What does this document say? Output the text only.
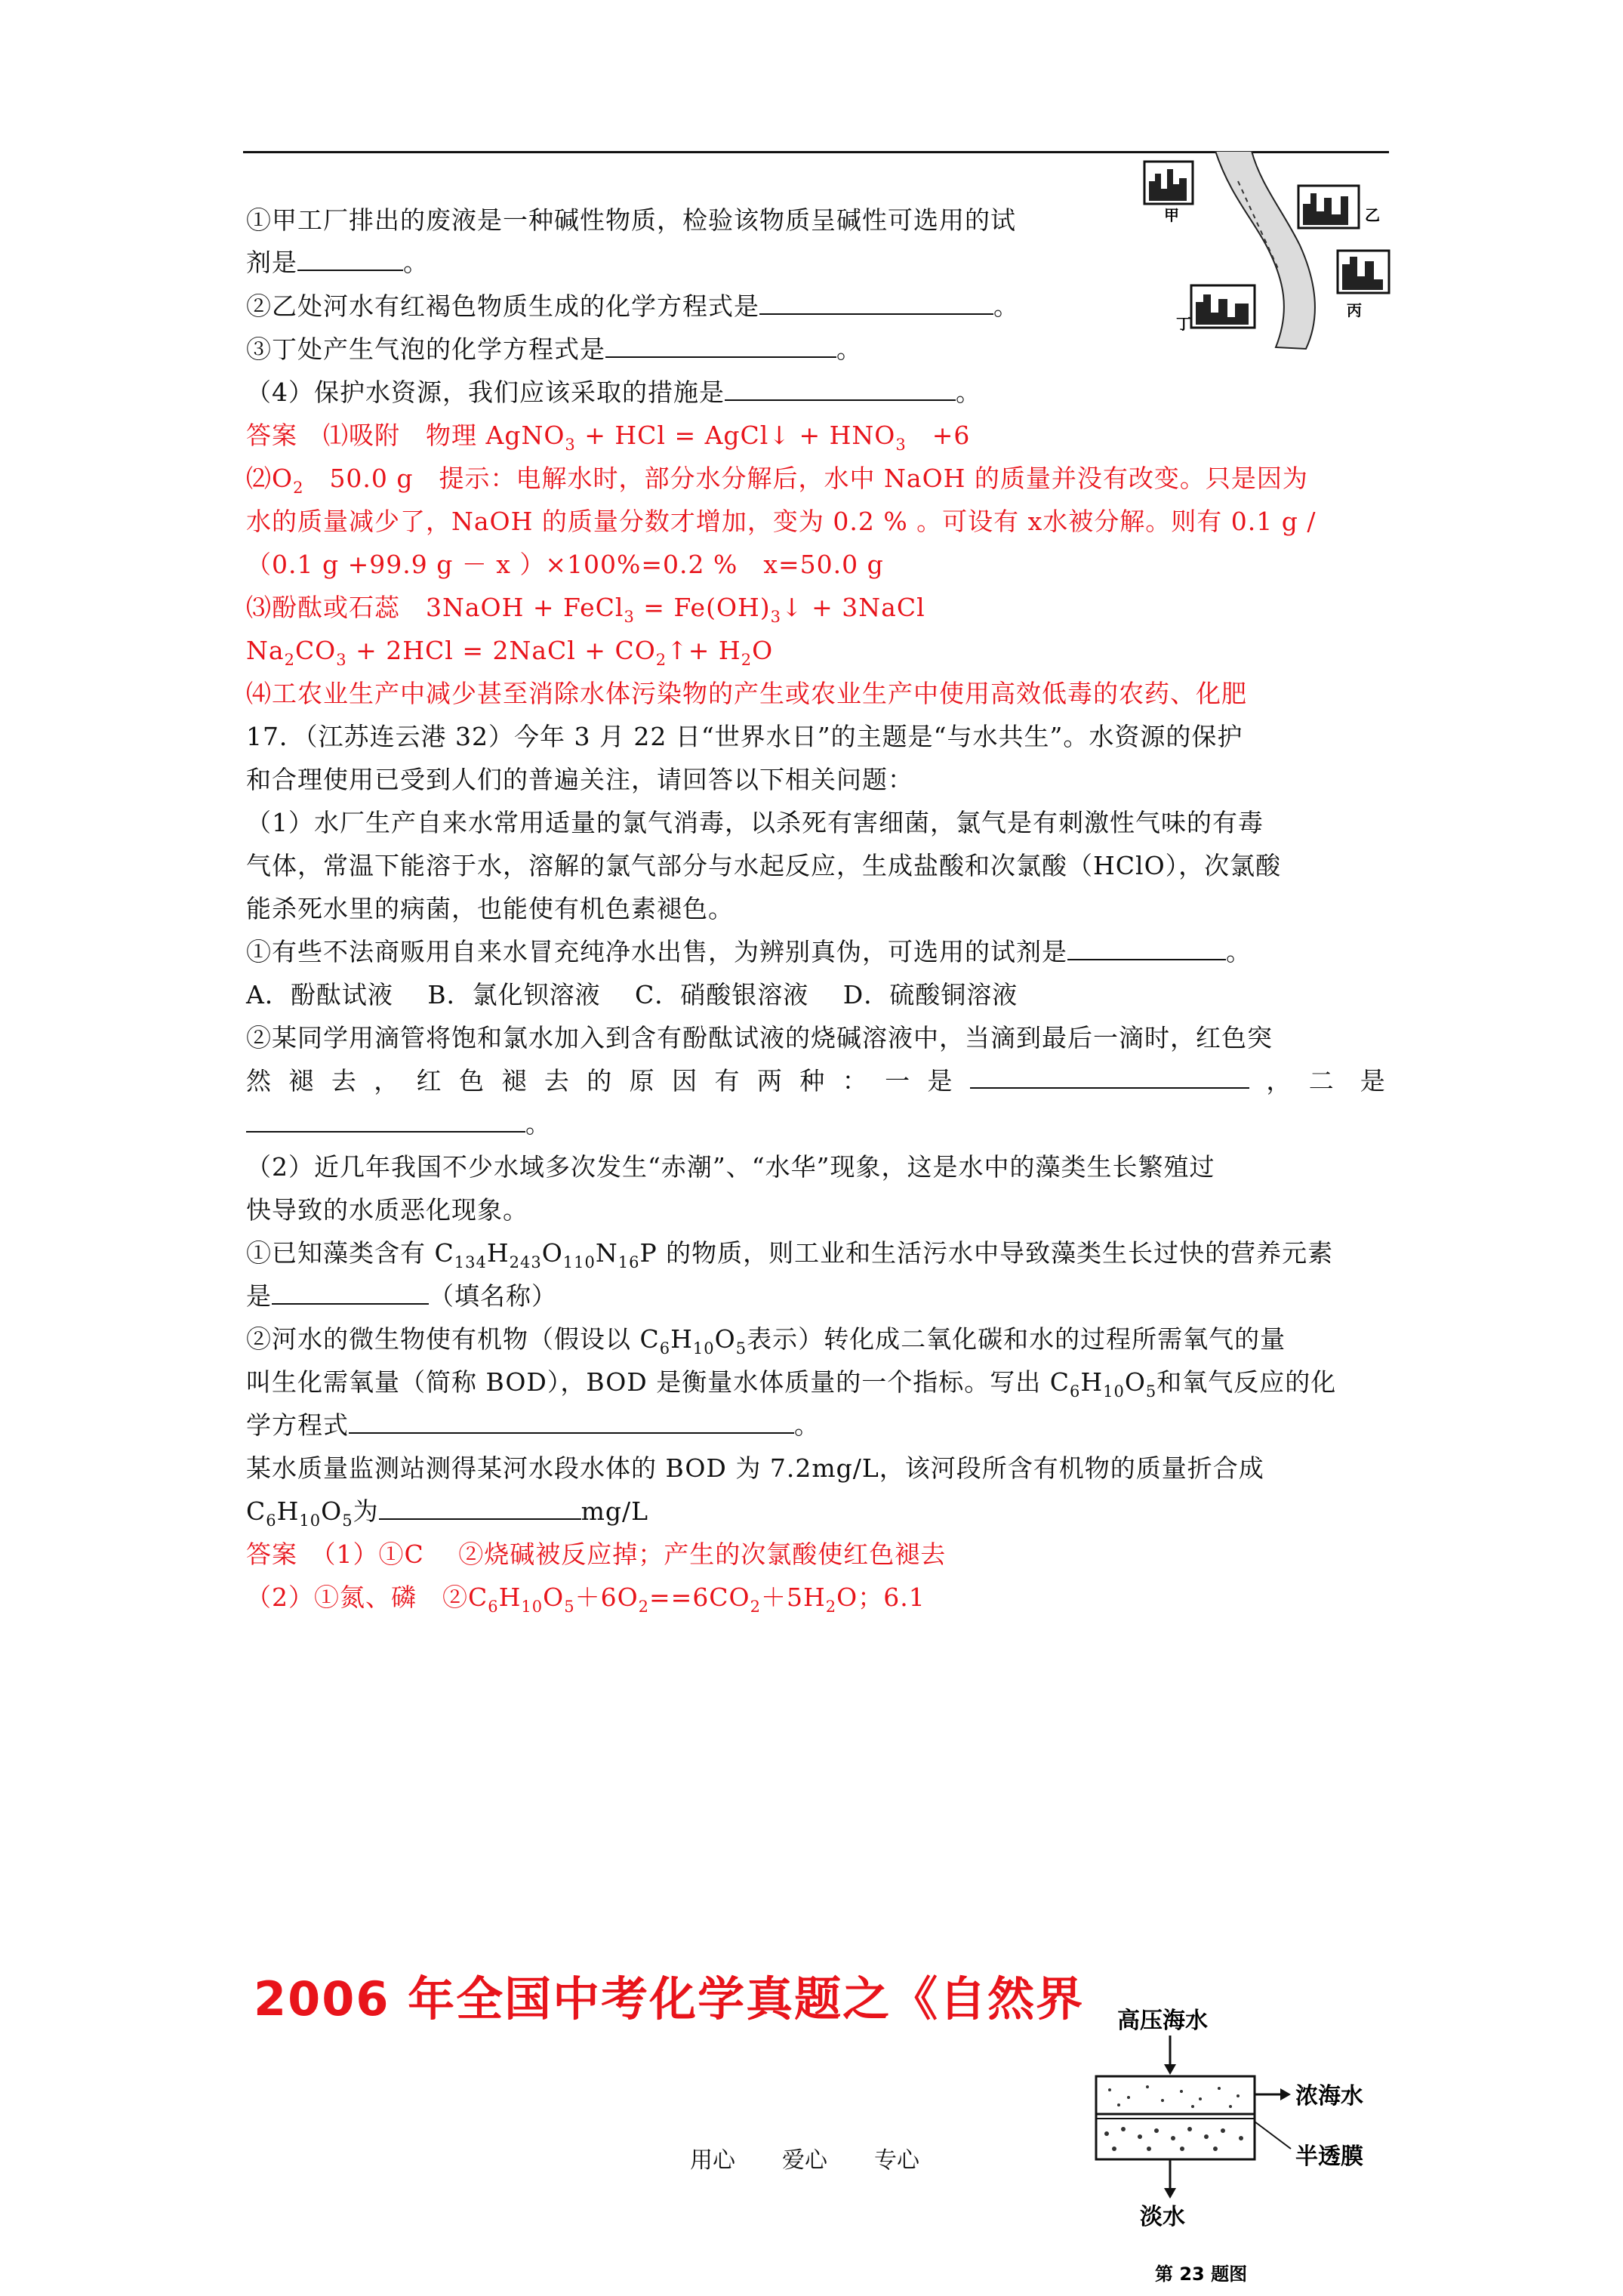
甲	乙
丙
丁
①甲工厂排出的废液是一种碱性物质，检验该物质呈碱性可选用的试
剂是	。
②乙处河水有红褐色物质生成的化学方程式是	。
③丁处产生气泡的化学方程式是	。
（4）保护水资源，我们应该采取的措施是	。
答案　⑴吸附　物理 AgNO$_3$ + HCl = AgCl↓ + $HNO_3$　+6
$⑵O_2$　50.0 g　提示：电解水时，部分水分解后，水中 NaOH 的质量并没有改变。只是因为
水的质量减少了，NaOH 的质量分数才增加，变为 0.2 % 。可设有 x水被分解。则有 0.1 g /
（0.1 g +99.9 g － x ）×100%=0.2 %　x=50.0 g
⑶酚酞或石蕊　3NaOH + FeCl$_3$ = $Fe(OH)_3↓$ + 3NaCl
$Na_2CO_3 + 2HCl$ = 2NaCl + $CO_2↑+ H_2O$
⑷工农业生产中减少甚至消除水体污染物的产生或农业生产中使用高效低毒的农药、化肥
17．（江苏连云港 32）今年 3 月 22 日“世界水日”的主题是“与水共生”。水资源的保护
和合理使用已受到人们的普遍关注，请回答以下相关问题：
（1）水厂生产自来水常用适量的氯气消毒，以杀死有害细菌，氯气是有刺激性气味的有毒
气体，常温下能溶于水，溶解的氯气部分与水起反应，生成盐酸和次氯酸（HClO），次氯酸
能杀死水里的病菌，也能使有机色素褪色。
①有些不法商贩用自来水冒充纯净水出售，为辨别真伪，可选用的试剂是	。
A．酚酞试液　 B．氯化钡溶液　 C．硝酸银溶液　 D．硫酸铜溶液
②某同学用滴管将饱和氯水加入到含有酚酞试液的烧碱溶液中，当滴到最后一滴时，红色突
然 褪 去 ， 红 色 褪 去 的 原 因 有 两 种 ： 一 是	， 二　是
。
（2）近几年我国不少水域多次发生“赤潮”、“水华”现象，这是水中的藻类生长繁殖过
快导致的水质恶化现象。
①已知藻类含有 $C_{134}H_{243}O_{110}N_{16}P$ 的物质，则工业和生活污水中导致藻类生长过快的营养元素
是	（填名称）
②河水的微生物使有机物（假设以 $C_6H_{10}O_5$表示）转化成二氧化碳和水的过程所需氧气的量
叫生化需氧量（简称 BOD），BOD 是衡量水体质量的一个指标。写出 $C_6H_{10}O_5$和氧气反应的化
学方程式	。
某水质量监测站测得某河水段水体的 BOD 为 7.2mg/L，该河段所含有机物的质量折合成
$C_6H_{10}O_5$为	mg/L
答案　（1）①C　 ②烧碱被反应掉；产生的次氯酸使红色褪去
（2）①氮、磷　$②C_6H_{10}O_5+6O_2==6CO_2+5H_2O$；6.1
2006 年全国中考化学真题之《自然界
用心 爱心 专心
高压海水
浓海水
半透膜
淡水
第 23 题图
